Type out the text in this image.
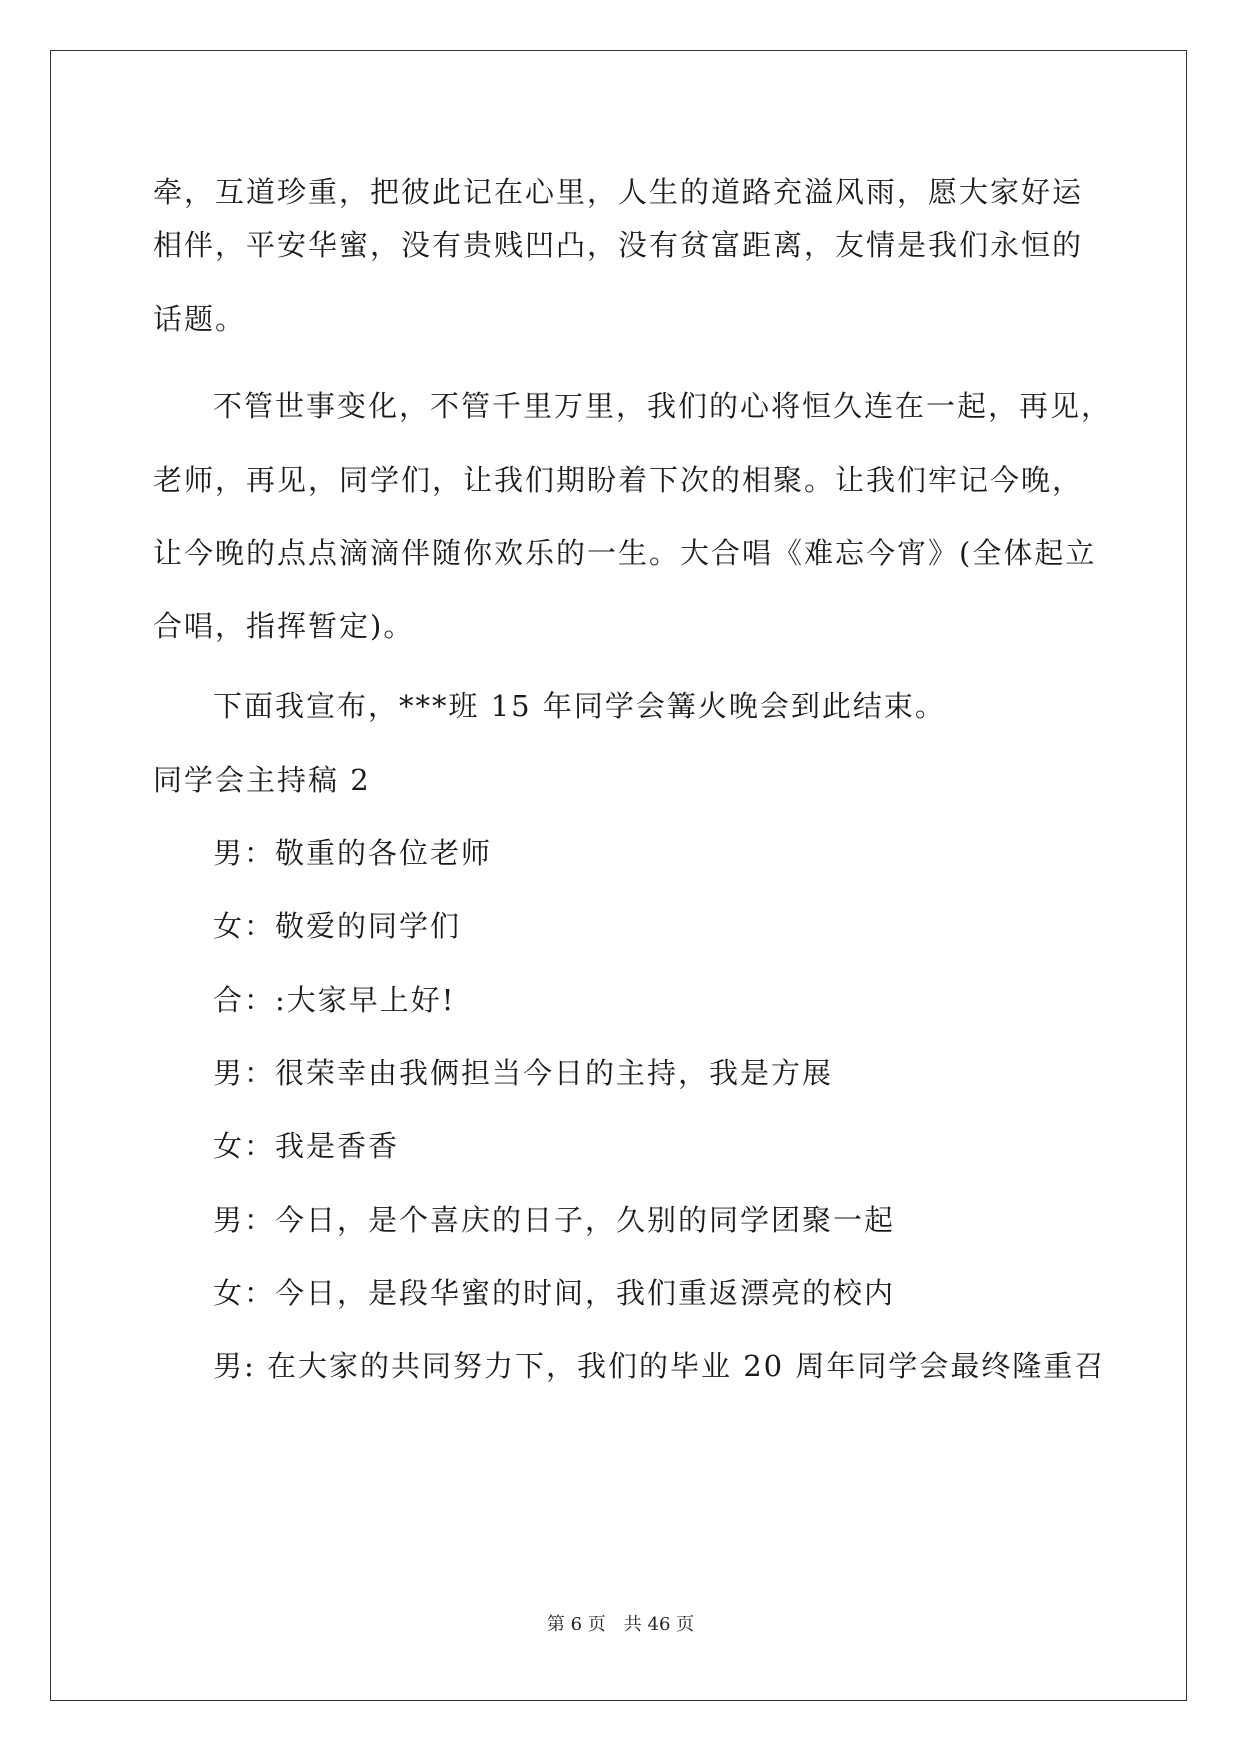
牵，互道珍重，把彼此记在心里，人生的道路充溢风雨，愿大家好运
相伴，平安华蜜，没有贵贱凹凸，没有贫富距离，友情是我们永恒的
话题。
不管世事变化，不管千里万里，我们的心将恒久连在一起，再见，
老师，再见，同学们，让我们期盼着下次的相聚。让我们牢记今晚，
让今晚的点点滴滴伴随你欢乐的一生。大合唱《难忘今宵》(全体起立
合唱，指挥暂定)。
下面我宣布，***班 15 年同学会篝火晚会到此结束。
同学会主持稿 2
男：敬重的各位老师
女：敬爱的同学们
合：:大家早上好!
男：很荣幸由我俩担当今日的主持，我是方展
女：我是香香
男：今日，是个喜庆的日子，久别的同学团聚一起
女：今日，是段华蜜的时间，我们重返漂亮的校内
男: 在大家的共同努力下，我们的毕业 20 周年同学会最终隆重召
第 6 页　共 46 页
